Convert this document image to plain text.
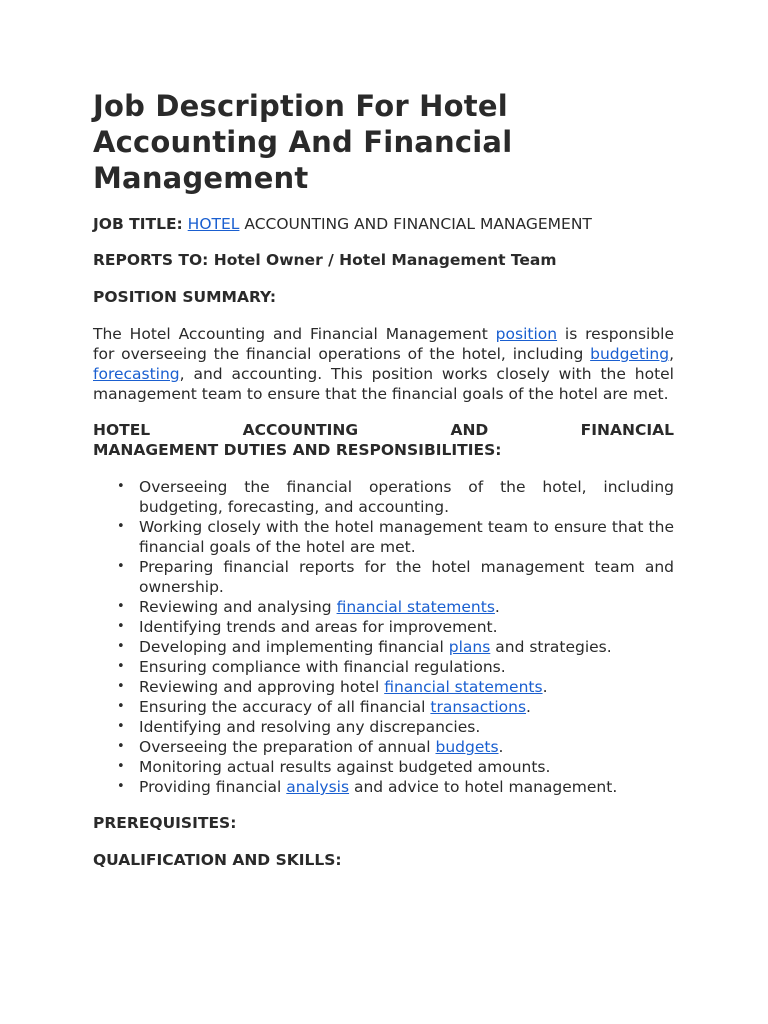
Job Description For Hotel Accounting And Financial Management

JOB TITLE: HOTEL ACCOUNTING AND FINANCIAL MANAGEMENT

REPORTS TO: Hotel Owner / Hotel Management Team

POSITION SUMMARY:

The Hotel Accounting and Financial Management position is responsible for overseeing the financial operations of the hotel, including budgeting, forecasting, and accounting. This position works closely with the hotel management team to ensure that the financial goals of the hotel are met.

HOTEL ACCOUNTING AND FINANCIAL

MANAGEMENT DUTIES AND RESPONSIBILITIES:

• Overseeing the financial operations of the hotel, including budgeting, forecasting, and accounting.
• Working closely with the hotel management team to ensure that the financial goals of the hotel are met.
• Preparing financial reports for the hotel management team and ownership.
• Reviewing and analysing financial statements.
• Identifying trends and areas for improvement.
• Developing and implementing financial plans and strategies.
• Ensuring compliance with financial regulations.
• Reviewing and approving hotel financial statements.
• Ensuring the accuracy of all financial transactions.
• Identifying and resolving any discrepancies.
• Overseeing the preparation of annual budgets.
• Monitoring actual results against budgeted amounts.
• Providing financial analysis and advice to hotel management.

PREREQUISITES:

QUALIFICATION AND SKILLS:
